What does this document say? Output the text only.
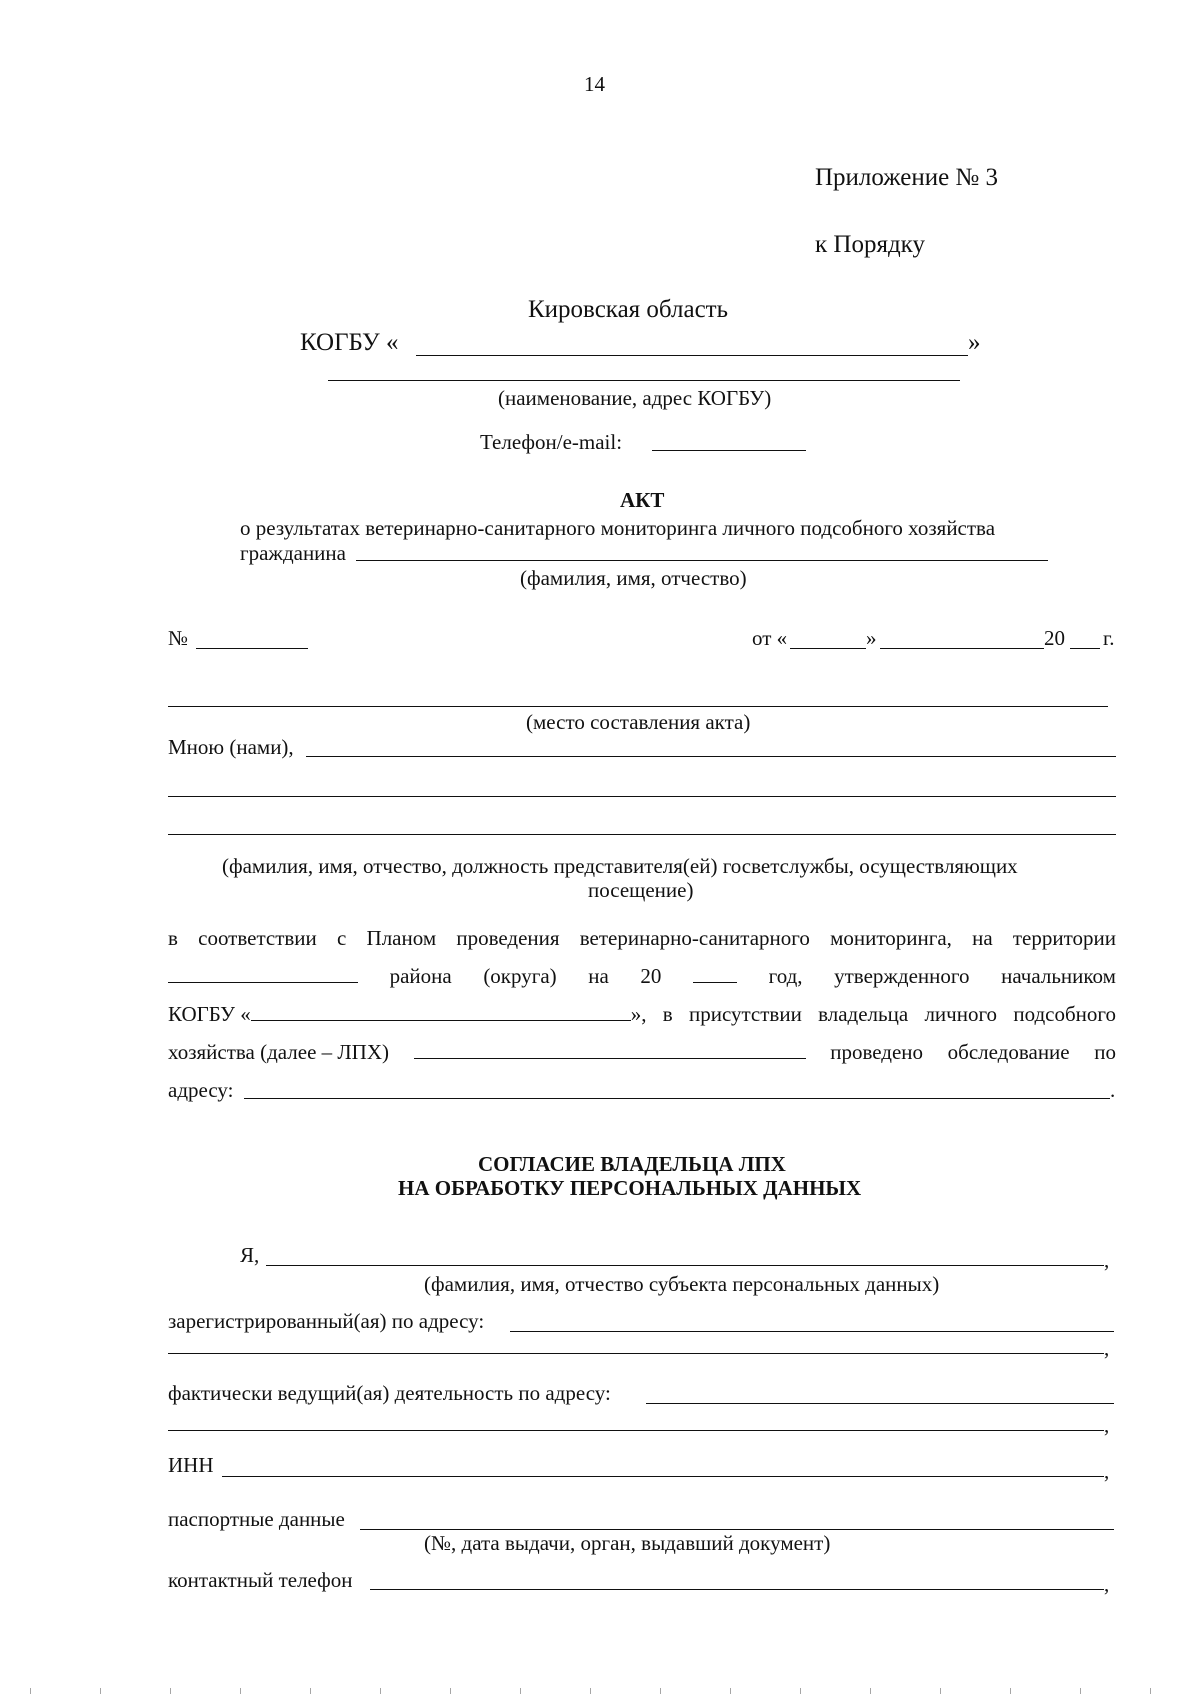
14
Приложение № 3
к Порядку
Кировская область
КОГБУ «	»
(наименование, адрес КОГБУ)
Телефон/e-mail:
АКТ
о результатах ветеринарно-санитарного мониторинга личного подсобного хозяйства
гражданина
(фамилия, имя, отчество)
№	от «	»	20 г.
(место составления акта)
Мною (нами),
(фамилия, имя, отчество, должность представителя(ей) госветслужбы, осуществляющих
посещение)
в соответствии с Планом проведения ветеринарно-санитарного мониторинга, на территории
района (округа) на 20	год, утвержденного начальником
КОГБУ «	», в присутствии владельца личного подсобного
хозяйства (далее – ЛПХ)	проведено обследование по
адресу:	.
СОГЛАСИЕ ВЛАДЕЛЬЦА ЛПХ
НА ОБРАБОТКУ ПЕРСОНАЛЬНЫХ ДАННЫХ
Я,	,
(фамилия, имя, отчество субъекта персональных данных)
зарегистрированный(ая) по адресу:
,
фактически ведущий(ая) деятельность по адресу:
,
ИНН	,
паспортные данные
(№, дата выдачи, орган, выдавший документ)
контактный телефон	,
